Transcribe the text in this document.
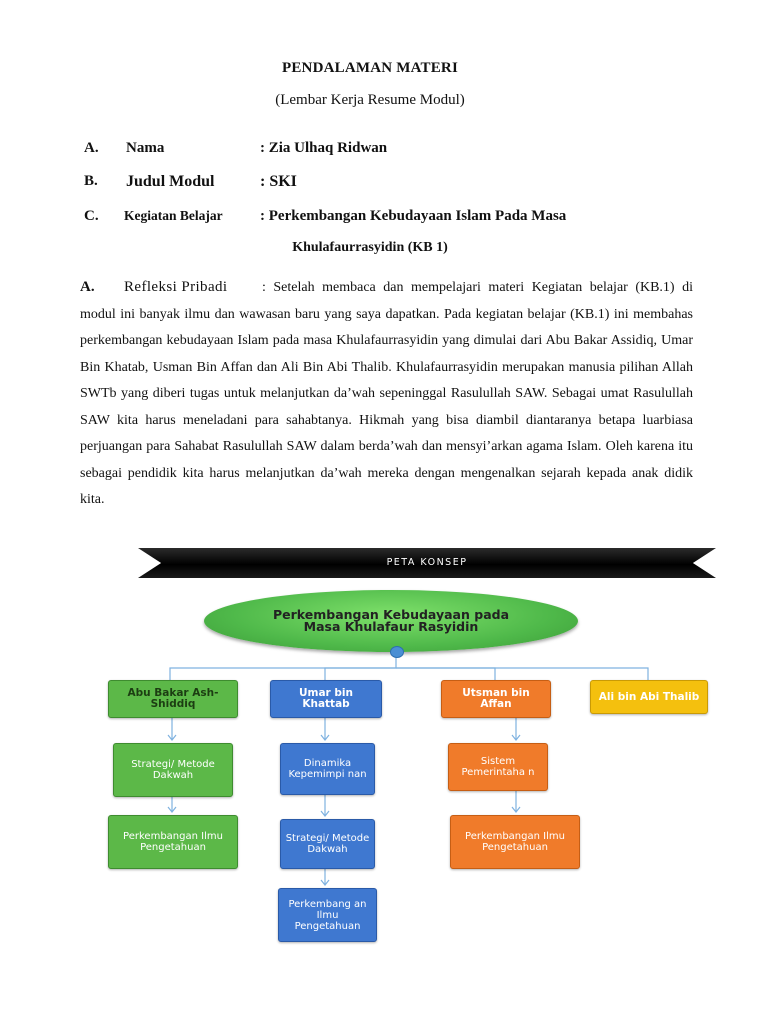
PENDALAMAN MATERI
(Lembar Kerja Resume Modul)
A. Nama	: Zia Ulhaq Ridwan
B. Judul Modul	: SKI
C. Kegiatan Belajar : Perkembangan Kebudayaan Islam Pada Masa
Khulafaurrasyidin (KB 1)
A. Refleksi Pribadi : Setelah membaca dan mempelajari materi Kegiatan belajar (KB.1) di modul ini banyak ilmu dan wawasan baru yang saya dapatkan. Pada kegiatan belajar (KB.1) ini membahas perkembangan kebudayaan Islam pada masa Khulafaurrasyidin yang dimulai dari Abu Bakar Assidiq, Umar Bin Khatab, Usman Bin Affan dan Ali Bin Abi Thalib. Khulafaurrasyidin merupakan manusia pilihan Allah SWTb yang diberi tugas untuk melanjutkan da’wah sepeninggal Rasulullah SAW. Sebagai umat Rasulullah SAW kita harus meneladani para sahabtanya. Hikmah yang bisa diambil diantaranya betapa luarbiasa perjuangan para Sahabat Rasulullah SAW dalam berda’wah dan mensyi’arkan agama Islam. Oleh karena itu sebagai pendidik kita harus melanjutkan da’wah mereka dengan mengenalkan sejarah kepada anak didik kita.
PETA KONSEP
Perkembangan Kebudayaan pada Masa Khulafaur Rasyidin
Abu Bakar Ash-Shiddiq
Strategi/ Metode Dakwah
Perkembangan Ilmu Pengetahuan
Umar bin Khattab
Dinamika Kepemimpi nan
Strategi/ Metode Dakwah
Perkembang an Ilmu Pengetahuan
Utsman bin Affan
Sistem Pemerintaha n
Perkembangan Ilmu Pengetahuan
Ali bin Abi Thalib
